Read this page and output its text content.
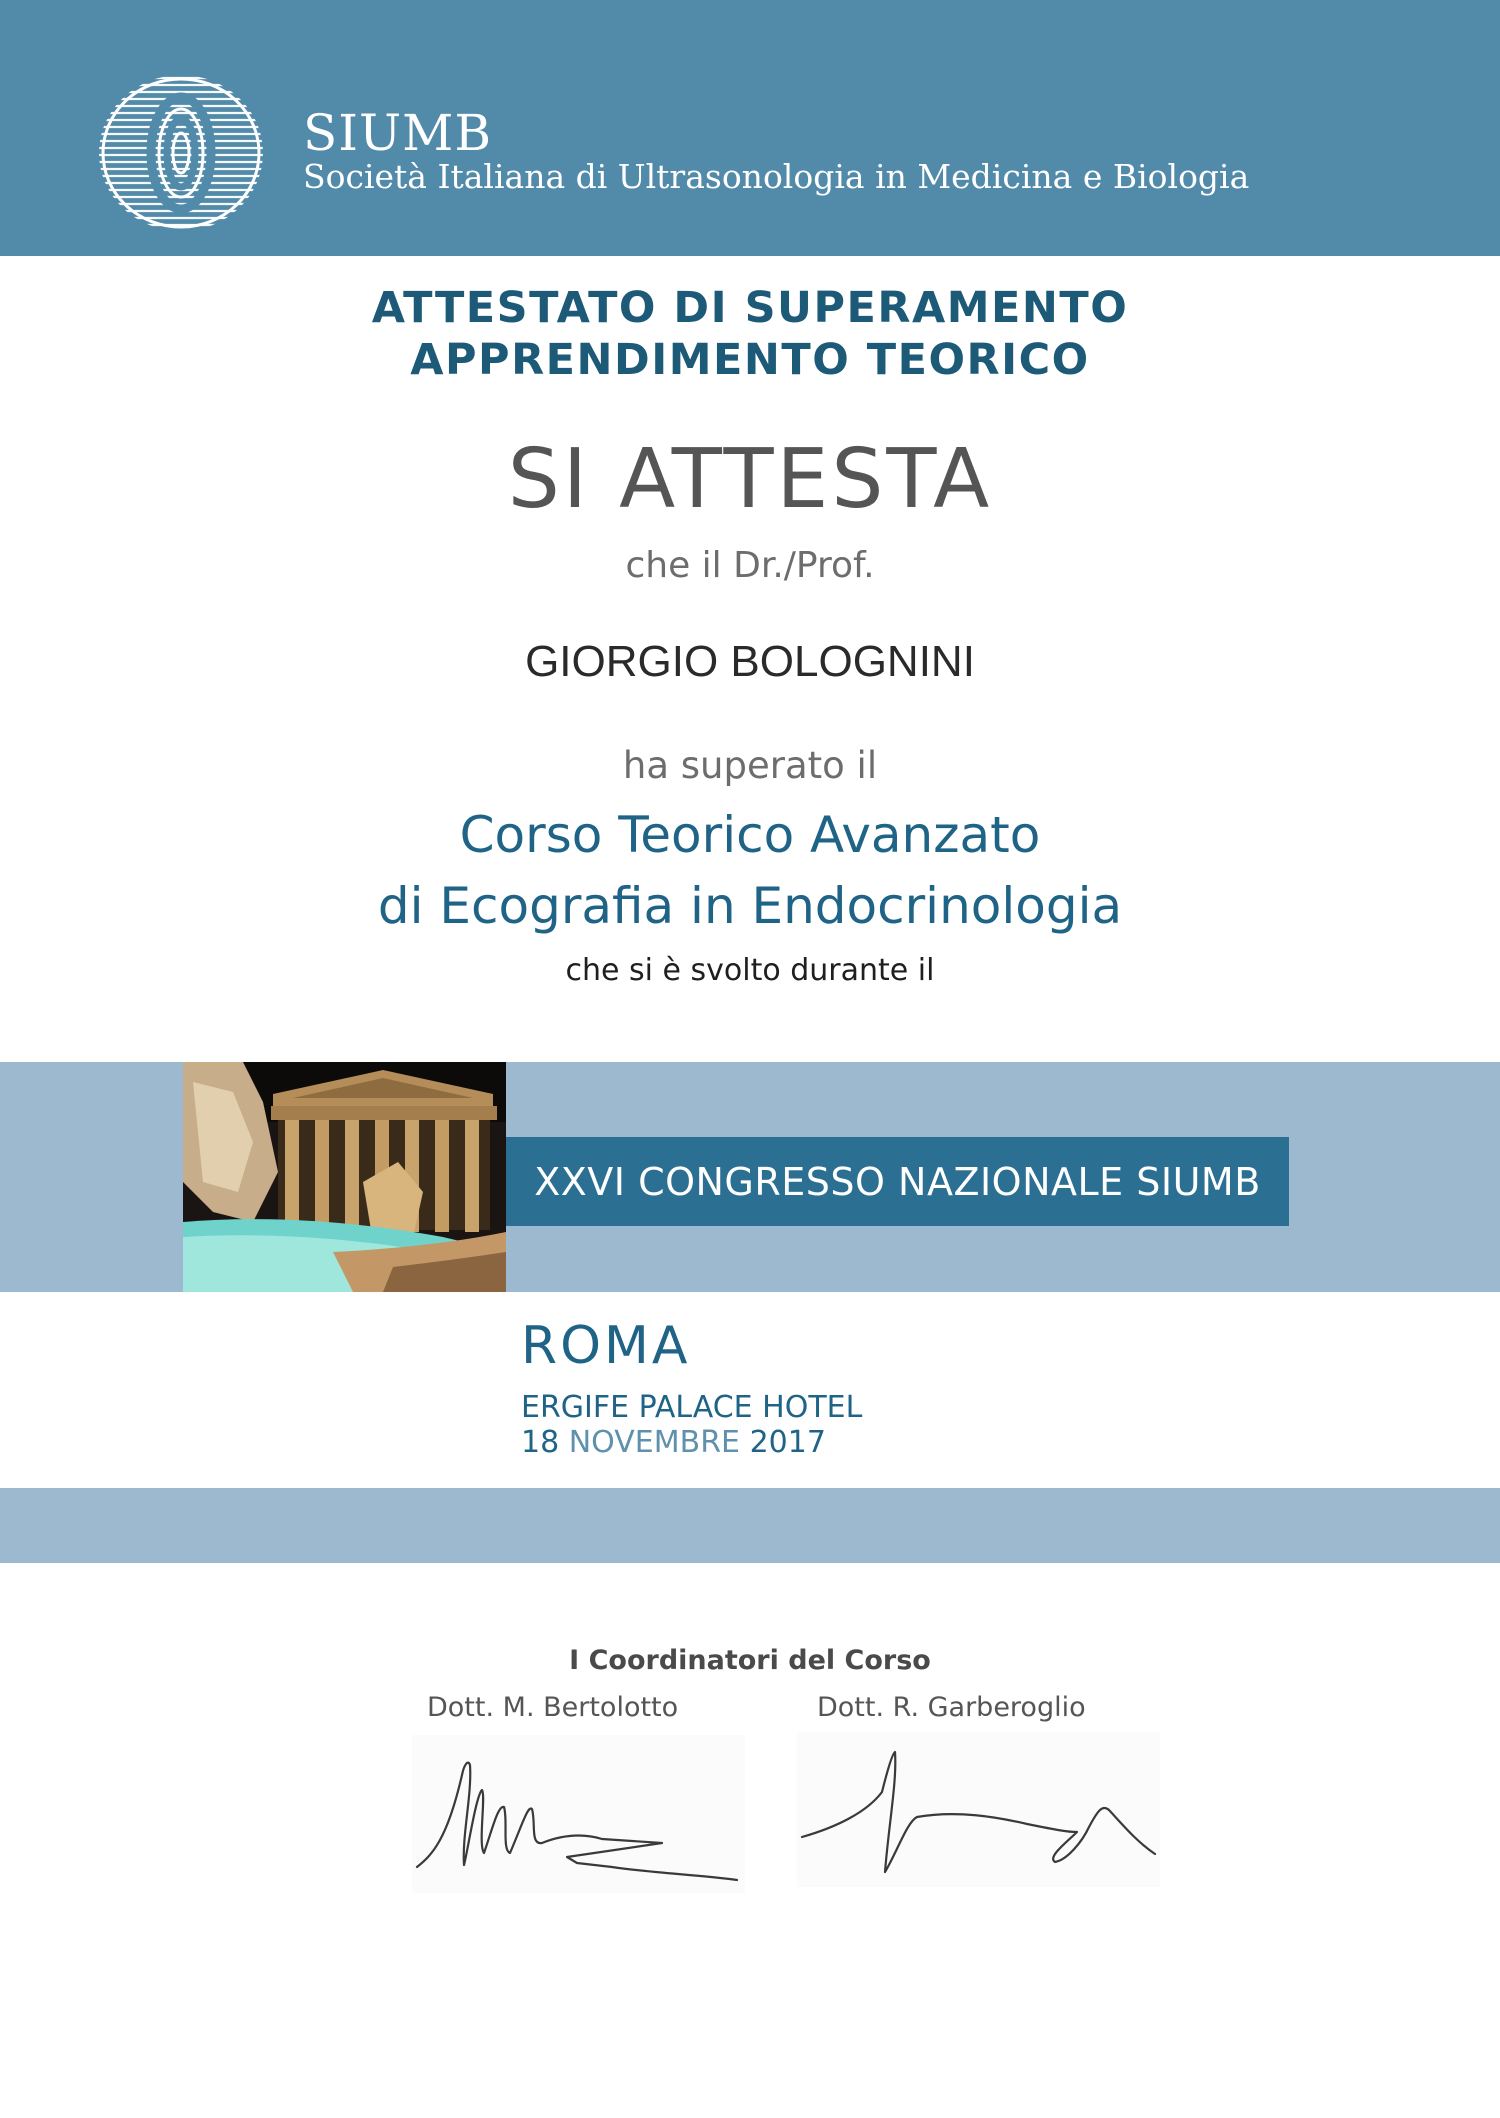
SIUMB
Società Italiana di Ultrasonologia in Medicina e Biologia
ATTESTATO DI SUPERAMENTO
APPRENDIMENTO TEORICO
SI ATTESTA
che il Dr./Prof.
GIORGIO BOLOGNINI
ha superato il
Corso Teorico Avanzato
di Ecografia in Endocrinologia
che si è svolto durante il
XXVI CONGRESSO NAZIONALE SIUMB
ROMA
ERGIFE PALACE HOTEL
18 NOVEMBRE 2017
I Coordinatori del Corso
Dott. M. Bertolotto	Dott. R. Garberoglio
